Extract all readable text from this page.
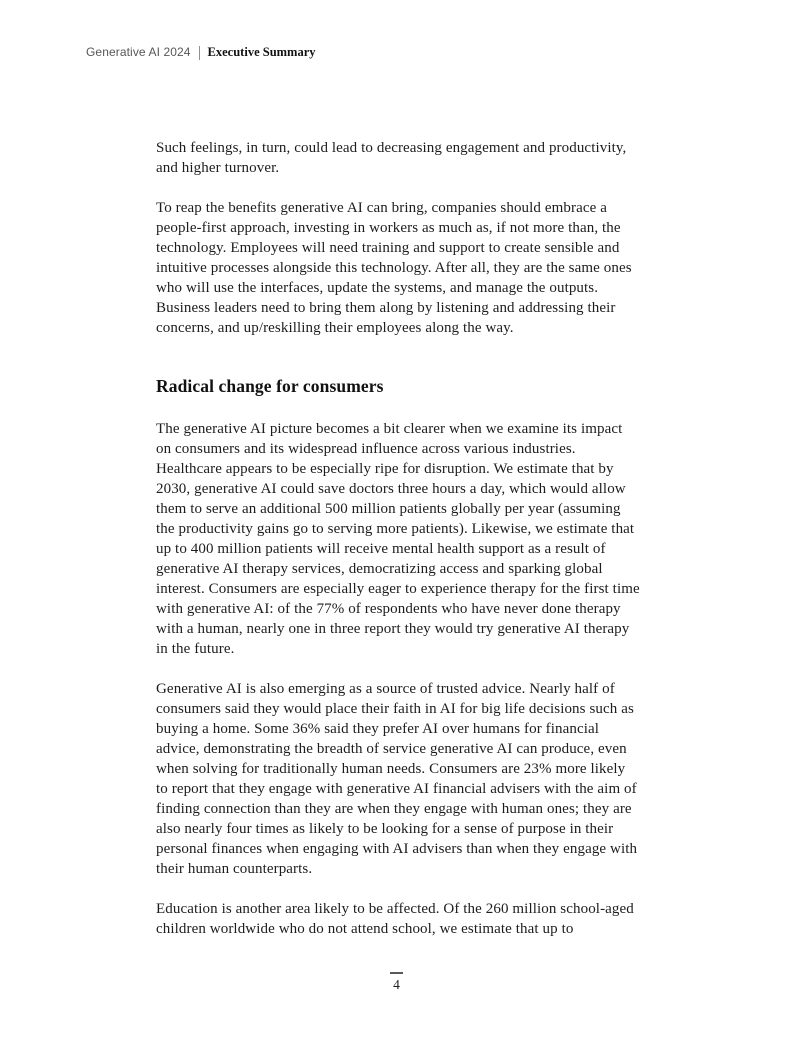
Generative AI 2024 Executive Summary

Such feelings, in turn, could lead to decreasing engagement and productivity, and higher turnover.

To reap the benefits generative AI can bring, companies should embrace a people-first approach, investing in workers as much as, if not more than, the technology. Employees will need training and support to create sensible and intuitive processes alongside this technology. After all, they are the same ones who will use the interfaces, update the systems, and manage the outputs. Business leaders need to bring them along by listening and addressing their concerns, and up/reskilling their employees along the way.

Radical change for consumers

The generative AI picture becomes a bit clearer when we examine its impact on consumers and its widespread influence across various industries. Healthcare appears to be especially ripe for disruption. We estimate that by 2030, generative AI could save doctors three hours a day, which would allow them to serve an additional 500 million patients globally per year (assuming the productivity gains go to serving more patients). Likewise, we estimate that up to 400 million patients will receive mental health support as a result of generative AI therapy services, democratizing access and sparking global interest. Consumers are especially eager to experience therapy for the first time with generative AI: of the 77% of respondents who have never done therapy with a human, nearly one in three report they would try generative AI therapy in the future.

Generative AI is also emerging as a source of trusted advice. Nearly half of consumers said they would place their faith in AI for big life decisions such as buying a home. Some 36% said they prefer AI over humans for financial advice, demonstrating the breadth of service generative AI can produce, even when solving for traditionally human needs. Consumers are 23% more likely to report that they engage with generative AI financial advisers with the aim of finding connection than they are when they engage with human ones; they are also nearly four times as likely to be looking for a sense of purpose in their personal finances when engaging with AI advisers than when they engage with their human counterparts.

Education is another area likely to be affected. Of the 260 million school-aged children worldwide who do not attend school, we estimate that up to

4
